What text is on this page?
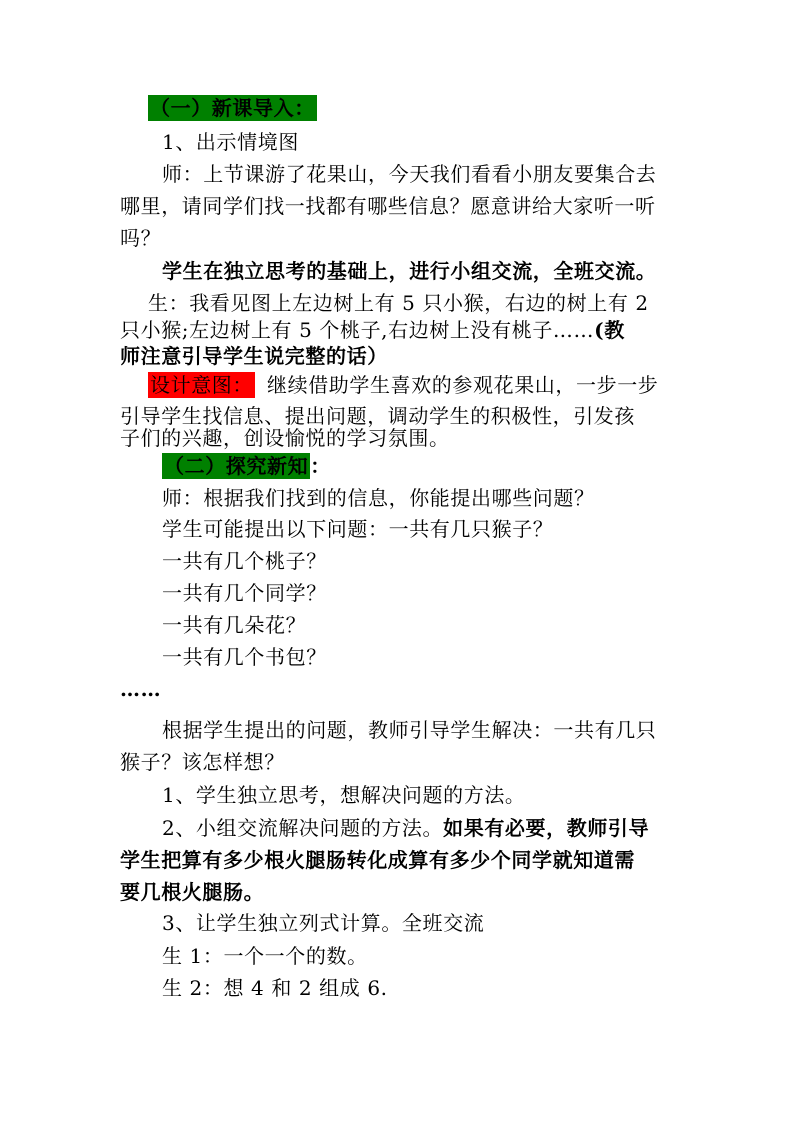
（一）新课导入：
1、出示情境图
师：上节课游了花果山，今天我们看看小朋友要集合去
哪里，请同学们找一找都有哪些信息？愿意讲给大家听一听
吗？
学生在独立思考的基础上，进行小组交流，全班交流。
生：我看见图上左边树上有 5 只小猴，右边的树上有 2
只小猴;左边树上有 5 个桃子,右边树上没有桃子……(教
师注意引导学生说完整的话）
设计意图： 继续借助学生喜欢的参观花果山，一步一步
引导学生找信息、提出问题，调动学生的积极性，引发孩
子们的兴趣，创设愉悦的学习氛围。
（二）探究新知 ：
师：根据我们找到的信息，你能提出哪些问题？
学生可能提出以下问题：一共有几只猴子？
一共有几个桃子？
一共有几个同学？
一共有几朵花？
一共有几个书包？
……
根据学生提出的问题，教师引导学生解决：一共有几只
猴子？该怎样想？
1、学生独立思考，想解决问题的方法。
2、小组交流解决问题的方法。如果有必要，教师引导
学生把算有多少根火腿肠转化成算有多少个同学就知道需
要几根火腿肠。
3、让学生独立列式计算。全班交流
生 1：一个一个的数。
生 2：想 4 和 2 组成 6.
